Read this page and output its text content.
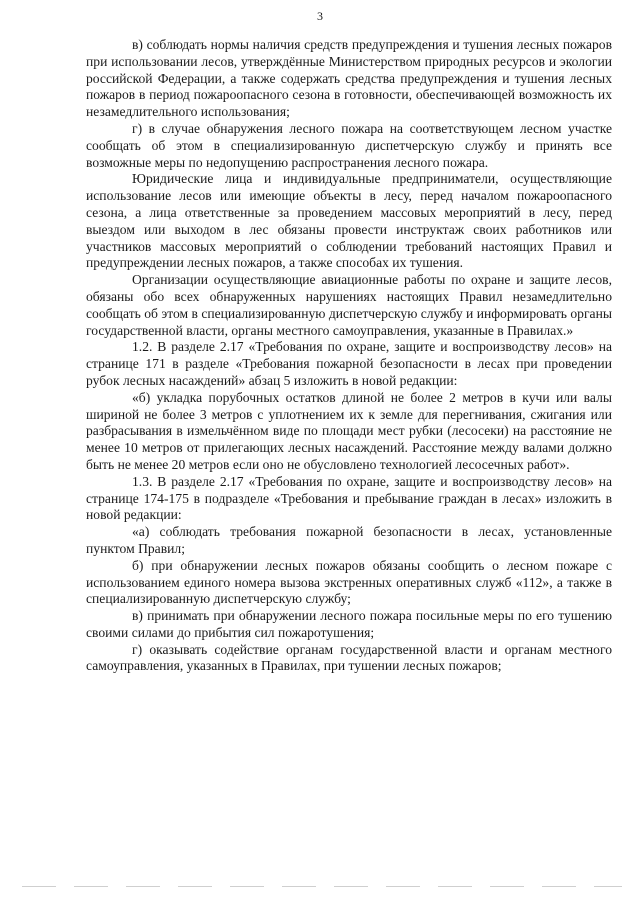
3

в) соблюдать нормы наличия средств предупреждения и тушения лесных пожаров при использовании лесов, утверждённые Министерством природных ресурсов и экологии российской Федерации, а также содержать средства предупреждения и тушения лесных пожаров в период пожароопасного сезона в готовности, обеспечивающей возможность их незамедлительного использования;

г) в случае обнаружения лесного пожара на соответствующем лесном участке сообщать об этом в специализированную диспетчерскую службу и принять все возможные меры по недопущению распространения лесного пожара.

Юридические лица и индивидуальные предприниматели, осуществляющие использование лесов или имеющие объекты в лесу, перед началом пожароопасного сезона, а лица ответственные за проведением массовых мероприятий в лесу, перед выездом или выходом в лес обязаны провести инструктаж своих работников или участников массовых мероприятий о соблюдении требований настоящих Правил и предупреждении лесных пожаров, а также способах их тушения.

Организации осуществляющие авиационные работы по охране и защите лесов, обязаны обо всех обнаруженных нарушениях настоящих Правил незамедлительно сообщать об этом в специализированную диспетчерскую службу и информировать органы государственной власти, органы местного самоуправления, указанные в Правилах.»

1.2. В разделе 2.17 «Требования по охране, защите и воспроизводству лесов» на странице 171 в разделе «Требования пожарной безопасности в лесах при проведении рубок лесных насаждений» абзац 5 изложить в новой редакции:

«б) укладка порубочных остатков длиной не более 2 метров в кучи или валы шириной не более 3 метров с уплотнением их к земле для перегнивания, сжигания или разбрасывания в измельчённом виде по площади мест рубки (лесосеки) на расстояние не менее 10 метров от прилегающих лесных насаждений. Расстояние между валами должно быть не менее 20 метров если оно не обусловлено технологией лесосечных работ».

1.3. В разделе 2.17 «Требования по охране, защите и воспроизводству лесов» на странице 174-175 в подразделе «Требования и пребывание граждан в лесах» изложить в новой редакции:

«а) соблюдать требования пожарной безопасности в лесах, установленные пунктом Правил;

б) при обнаружении лесных пожаров обязаны сообщить о лесном пожаре с использованием единого номера вызова экстренных оперативных служб «112», а также в специализированную диспетчерскую службу;

в) принимать при обнаружении лесного пожара посильные меры по его тушению своими силами до прибытия сил пожаротушения;

г) оказывать содействие органам государственной власти и органам местного самоуправления, указанных в Правилах, при тушении лесных пожаров;
